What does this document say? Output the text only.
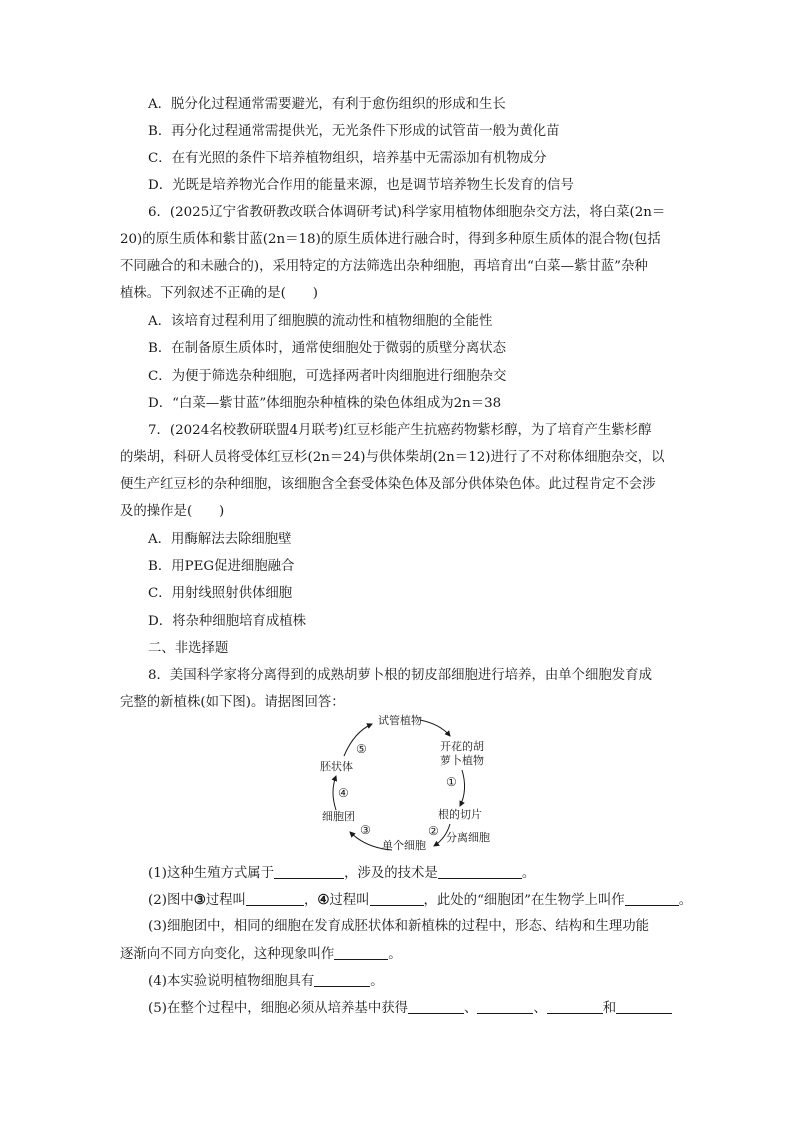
A．脱分化过程通常需要避光，有利于愈伤组织的形成和生长
B．再分化过程通常需提供光，无光条件下形成的试管苗一般为黄化苗
C．在有光照的条件下培养植物组织，培养基中无需添加有机物成分
D．光既是培养物光合作用的能量来源，也是调节培养物生长发育的信号
6．(2025辽宁省教研教改联合体调研考试)科学家用植物体细胞杂交方法，将白菜(2n＝
20)的原生质体和紫甘蓝(2n＝18)的原生质体进行融合时，得到多种原生质体的混合物(包括
不同融合的和未融合的)，采用特定的方法筛选出杂种细胞，再培育出“白菜—紫甘蓝”杂种
植株。下列叙述不正确的是(　　)
A．该培育过程利用了细胞膜的流动性和植物细胞的全能性
B．在制备原生质体时，通常使细胞处于微弱的质壁分离状态
C．为便于筛选杂种细胞，可选择两者叶肉细胞进行细胞杂交
D．“白菜—紫甘蓝”体细胞杂种植株的染色体组成为2n＝38
7．(2024名校教研联盟4月联考)红豆杉能产生抗癌药物紫杉醇，为了培育产生紫杉醇
的柴胡，科研人员将受体红豆杉(2n＝24)与供体柴胡(2n＝12)进行了不对称体细胞杂交，以
便生产红豆杉的杂种细胞，该细胞含全套受体染色体及部分供体染色体。此过程肯定不会涉
及的操作是(　　)
A．用酶解法去除细胞壁
B．用PEG促进细胞融合
C．用射线照射供体细胞
D．将杂种细胞培育成植株
二、非选择题
8．美国科学家将分离得到的成熟胡萝卜根的韧皮部细胞进行培养，由单个细胞发育成
完整的新植株(如下图)。请据图回答：
试管植物
开花的胡
萝卜植物
①
根的切片
② 分离细胞
单个细胞
③
细胞团
④
胚状体
⑤
(1)这种生殖方式属于	，涉及的技术是	。
(2)图中③过程叫	，④过程叫	，此处的“细胞团”在生物学上叫作	。
(3)细胞团中，相同的细胞在发育成胚状体和新植株的过程中，形态、结构和生理功能
逐渐向不同方向变化，这种现象叫作	。
(4)本实验说明植物细胞具有	。
(5)在整个过程中，细胞必须从培养基中获得	、	、	和
